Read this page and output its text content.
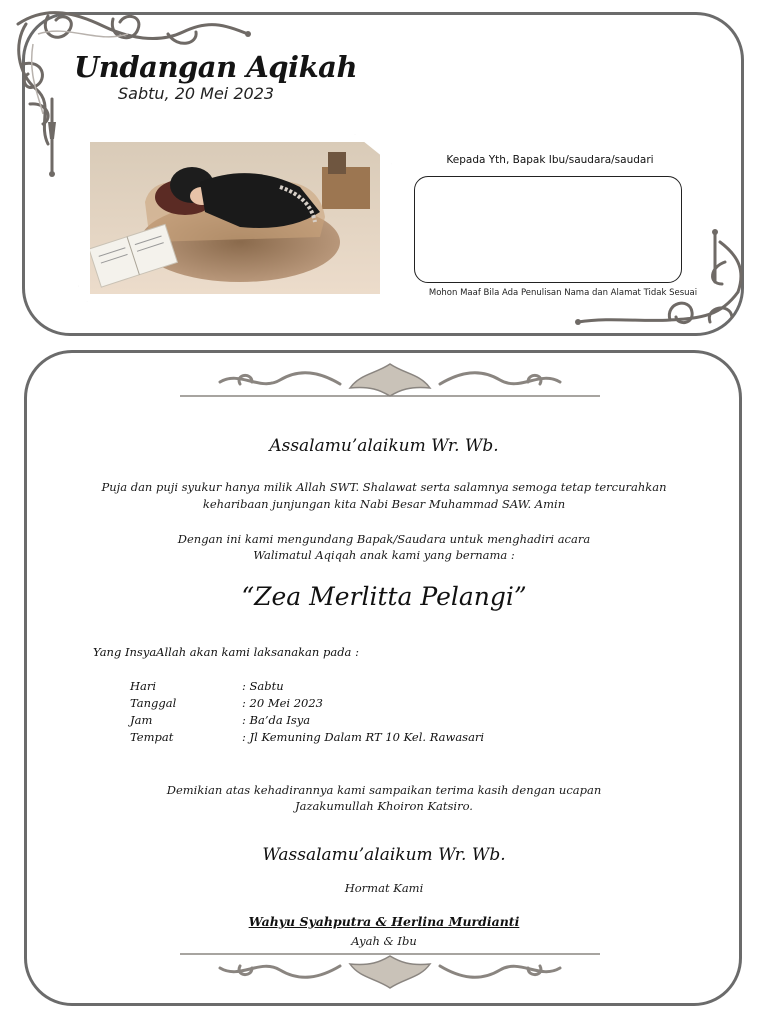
Undangan Aqikah
Sabtu, 20 Mei 2023
Kepada Yth, Bapak Ibu/saudara/saudari
Mohon Maaf Bila Ada Penulisan Nama dan Alamat Tidak Sesuai
Assalamu’alaikum Wr. Wb.
Puja dan puji syukur hanya milik Allah SWT. Shalawat serta salamnya semoga tetap tercurahkan
keharibaan junjungan kita Nabi Besar Muhammad SAW. Amin
Dengan ini kami mengundang Bapak/Saudara untuk menghadiri acara
Walimatul Aqiqah anak kami yang bernama :
“Zea Merlitta Pelangi”
Yang InsyaAllah akan kami laksanakan pada :
Hari	: Sabtu
Tanggal	: 20 Mei 2023
Jam	: Ba’da Isya
Tempat	: Jl Kemuning Dalam RT 10 Kel. Rawasari
Demikian atas kehadirannya kami sampaikan terima kasih dengan ucapan
Jazakumullah Khoiron Katsiro.
Wassalamu’alaikum Wr. Wb.
Hormat Kami
Wahyu Syahputra & Herlina Murdianti
Ayah & Ibu
